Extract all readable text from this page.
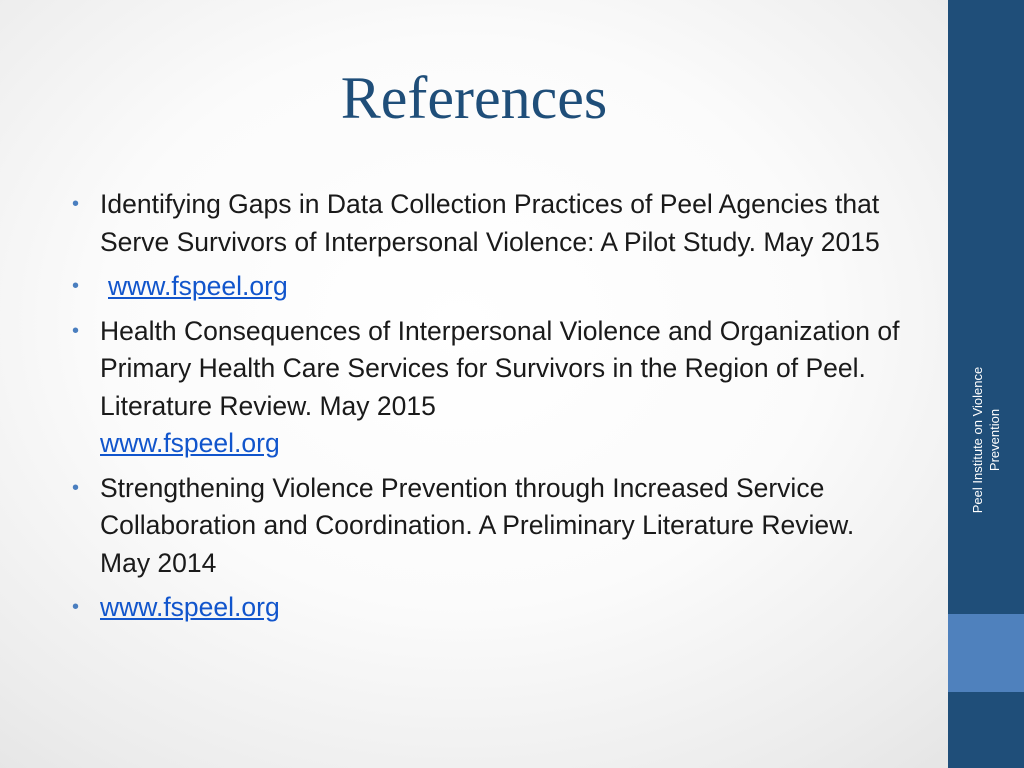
References
• Identifying Gaps in Data Collection Practices of Peel Agencies that Serve Survivors of Interpersonal Violence: A Pilot Study. May 2015
• www.fspeel.org
• Health Consequences of Interpersonal Violence and Organization of Primary Health Care Services for Survivors in the Region of Peel. Literature Review. May 2015
www.fspeel.org
• Strengthening Violence Prevention through Increased Service Collaboration and Coordination. A Preliminary Literature Review. May 2014
• www.fspeel.org
Peel Institute on Violence Prevention
